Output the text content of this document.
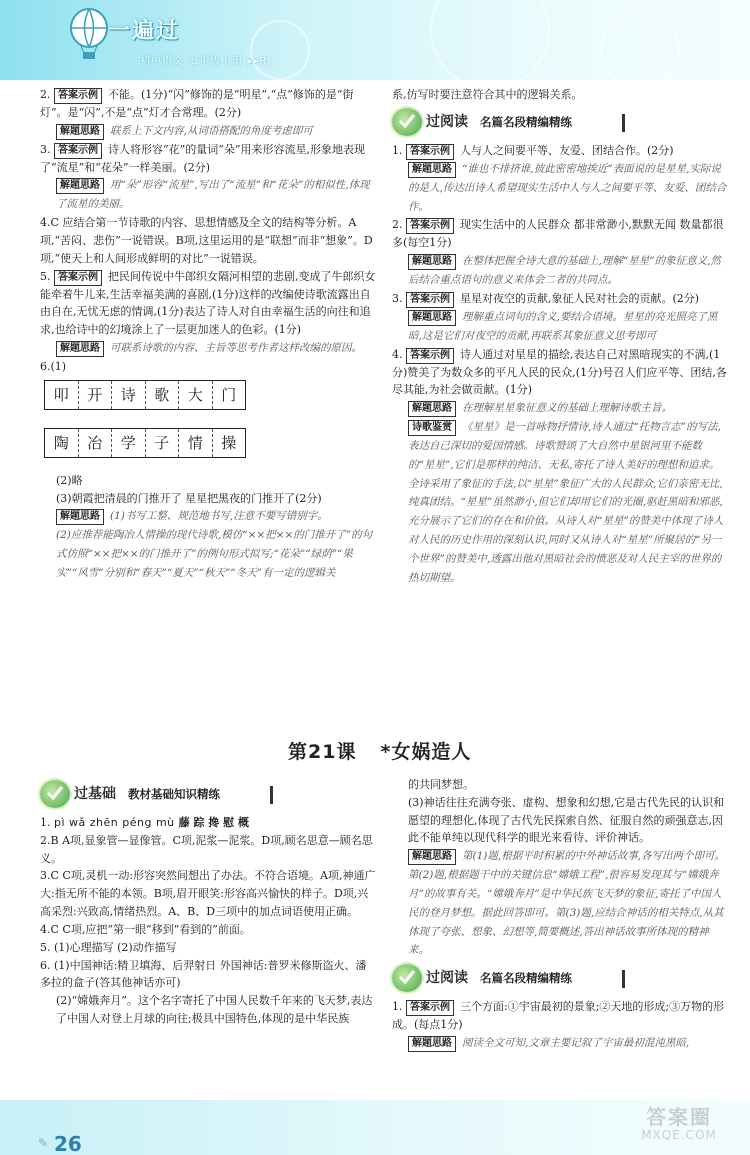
一遍过
初中语文 七年级上册 ▸▸RJ

2. 答案示例 不能。(1分)“闪”修饰的是“明星”,“点”修饰的是“街灯”。是“闪”,不是“点”灯才合常理。(2分)

解题思路 联系上下文内容,从词语搭配的角度考虑即可

3. 答案示例 诗人将形容“花”的量词“朵”用来形容流星,形象地表现了“流星”和“花朵”一样美丽。(2分)

解题思路 用“朵”形容“流星”,写出了“流星”和“花朵”的相似性,体现了流星的美丽。

4.C 应结合第一节诗歌的内容、思想情感及全文的结构等分析。A项,“苦闷、悲伤”一说错误。B项,这里运用的是“联想”而非“想象”。D项,“使天上和人间形成鲜明的对比”一说错误。

5. 答案示例 把民间传说中牛郎织女隔河相望的悲剧,变成了牛郎织女能牵着牛儿来,生活幸福美满的喜剧,(1分)这样的改编使诗歌流露出自由自在,无忧无虑的情调,(1分)表达了诗人对自由幸福生活的向往和追求,也给诗中的幻境涂上了一层更加迷人的色彩。(1分)

解题思路 可联系诗歌的内容、主旨等思考作者这样改编的原因。

6.(1)

叩	开	诗	歌	大	门
陶	冶	学	子	情	操

(2)略

(3)朝霞把清晨的门推开了 星星把黑夜的门推开了(2分)

解题思路 (1)书写工整、规范地书写,注意不要写错别字。

(2)应推荐能陶冶人情操的现代诗歌,模仿“××把××的门推开了”的句式仿照“××把××的门推开了”的例句形式拟写;“花朵”“绿荫”“果实”“风雪”分别和“春天”“夏天”“秋天”“冬天”有一定的逻辑关

系,仿写时要注意符合其中的逻辑关系。

过阅读 名篇名段精编精练

1. 答案示例 人与人之间要平等、友爱、团结合作。(2分)

解题思路 “谁也不排挤谁,彼此密密地挨近”表面说的是星星,实际说的是人,传达出诗人希望现实生活中人与人之间要平等、友爱、团结合作。

2. 答案示例 现实生活中的人民群众 都非常渺小,默默无闻 数量都很多(每空1分)

解题思路 在整体把握全诗大意的基础上,理解“星星”的象征意义,然后结合重点语句的意义来体会二者的共同点。

3. 答案示例 星星对夜空的贡献,象征人民对社会的贡献。(2分)

解题思路 理解重点词句的含义,要结合语境。星星的亮光照亮了黑暗,这是它们对夜空的贡献,再联系其象征意义思考即可

4. 答案示例 诗人通过对星星的描绘,表达自己对黑暗现实的不满,(1分)赞美了为数众多的平凡人民的民众,(1分)号召人们应平等、团结,各尽其能,为社会做贡献。(1分)

解题思路 在理解星星象征意义的基础上理解诗歌主旨。

诗歌鉴赏 《星星》是一首咏物抒情诗,诗人通过“托物言志”的写法,表达自己深切的爱国情感。诗歌赞颂了大自然中星银河里不能数的“星星”,它们是那样的纯洁、无私,寄托了诗人美好的理想和追求。全诗采用了象征的手法,以“星星”象征广大的人民群众,它们亲密无比,纯真团结。“星星”虽然渺小,但它们却用它们的光圈,驱赶黑暗和邪恶,充分展示了它们的存在和价值。从诗人对“星星”的赞美中体现了诗人对人民的历史作用的深刻认识,同时又从诗人对“星星”所聚居的“另一个世界”的赞美中,透露出他对黑暗社会的愤恶及对人民主宰的世界的热切期望。

第21课 *女娲造人
过基础 教材基础知识精练

1. pì wǎ zhēn péng mù 藤 踪 搀 慰 概

2.B A项,显象管—显像管。C项,泥浆—泥浆。D项,顾名思意—顾名思义。

3.C C项,灵机一动:形容突然间想出了办法。不符合语境。A项,神通广大:指无所不能的本领。B项,眉开眼笑:形容高兴愉快的样子。D项,兴高采烈:兴致高,情绪热烈。A、B、D三项中的加点词语使用正确。

4.C C项,应把“第一眼”移到“看到的”前面。

5. (1)心理描写 (2)动作描写

6. (1)中国神话:精卫填海、后羿射日 外国神话:普罗米修斯盗火、潘多拉的盒子(答其他神话亦可)

(2)“嫦娥奔月”。这个名字寄托了中国人民数千年来的飞天梦,表达了中国人对登上月球的向往;极具中国特色,体现的是中华民族

的共同梦想。

(3)神话往往充满夸张、虚构、想象和幻想,它是古代先民的认识和愿望的理想化,体现了古代先民探索自然、征服自然的顽强意志,因此不能单纯以现代科学的眼光来看待、评价神话。

解题思路 第(1)题,根据平时积累的中外神话故事,各写出两个即可。第(2)题,根据题干中的关键信息“嫦娥工程”,很容易发现其与“嫦娥奔月”的故事有关。“嫦娥奔月”是中华民族飞天梦的象征,寄托了中国人民的登月梦想。据此回答即可。第(3)题,应结合神话的相关特点,从其体现了夸张、想象、幻想等,简要概述,答出神话故事所体现的精神来。

过阅读 名篇名段精编精练

1. 答案示例 三个方面:①宇宙最初的景象;②天地的形成;③万物的形成。(每点1分)

解题思路 阅读全文可知,文章主要记叙了宇宙最初混沌黑暗,

✎ 26
答案圈
MXQE.COM
